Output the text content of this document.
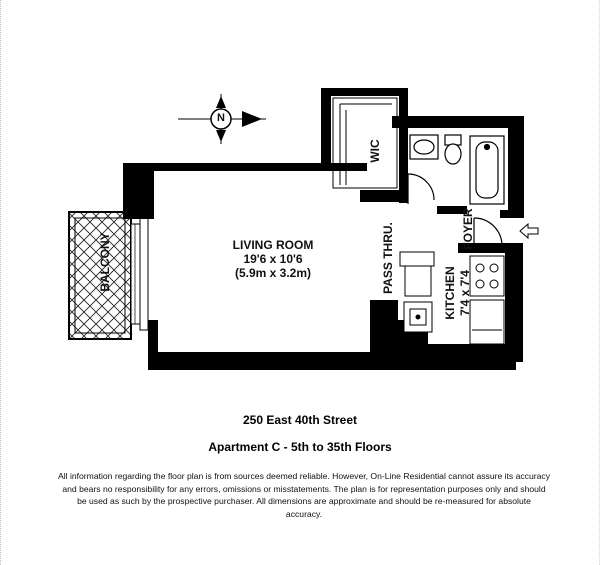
LIVING ROOM
19'6 x 10'6
(5.9m x 3.2m)
BALCONY
WIC
PASS THRU.	FOYER
KITCHEN 7'4 x 7'4
N
250 East 40th Street
Apartment C - 5th to 35th Floors
All information regarding the floor plan is from sources deemed reliable. However, On-Line Residential cannot assure its accuracy and bears no responsibility for any errors, omissions or misstatements. The plan is for representation purposes only and should be used as such by the prospective purchaser. All dimensions are approximate and should be re-measured for absolute accuracy.
